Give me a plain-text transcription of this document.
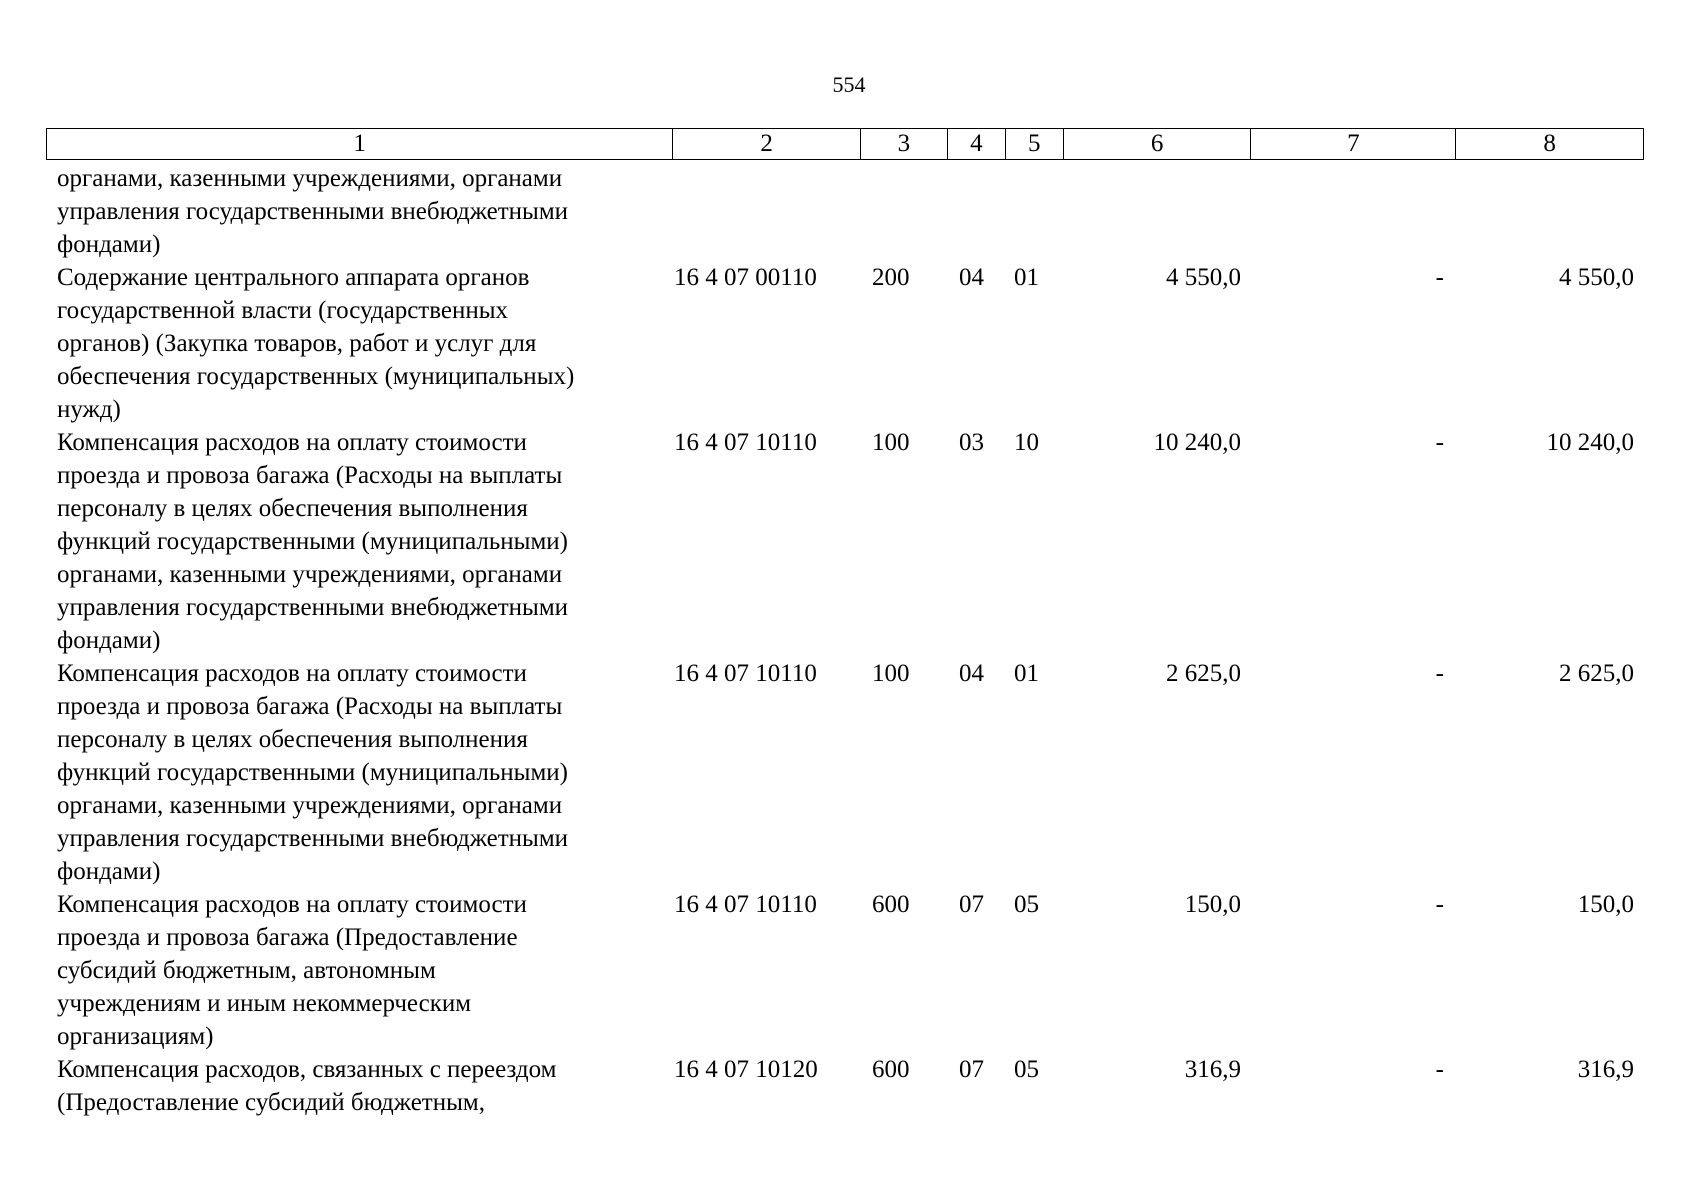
554
1	2	3	4	5	6	7	8
органами, казенными учреждениями, органами
управления государственными внебюджетными
фондами)
Содержание центрального аппарата органов
государственной власти (государственных
органов) (Закупка товаров, работ и услуг для
обеспечения государственных (муниципальных)
нужд)
16 4 07 00110	200	04	01	4 550,0	-	4 550,0
Компенсация расходов на оплату стоимости
проезда и провоза багажа (Расходы на выплаты
персоналу в целях обеспечения выполнения
функций государственными (муниципальными)
органами, казенными учреждениями, органами
управления государственными внебюджетными
фондами)
16 4 07 10110	100	03	10	10 240,0	-	10 240,0
Компенсация расходов на оплату стоимости
проезда и провоза багажа (Расходы на выплаты
персоналу в целях обеспечения выполнения
функций государственными (муниципальными)
органами, казенными учреждениями, органами
управления государственными внебюджетными
фондами)
16 4 07 10110	100	04	01	2 625,0	-	2 625,0
Компенсация расходов на оплату стоимости
проезда и провоза багажа (Предоставление
субсидий бюджетным, автономным
учреждениям и иным некоммерческим
организациям)
16 4 07 10110	600	07	05	150,0	-	150,0
Компенсация расходов, связанных с переездом
(Предоставление субсидий бюджетным,
16 4 07 10120	600	07	05	316,9	-	316,9
